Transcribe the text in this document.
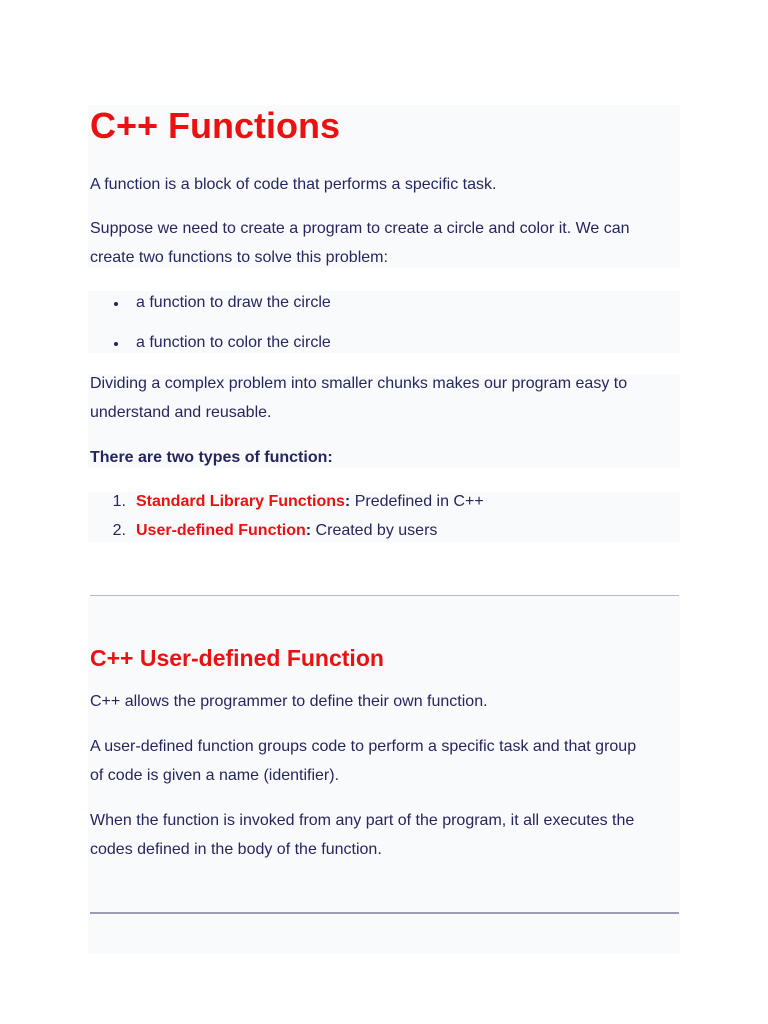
C++ Functions

A function is a block of code that performs a specific task.

Suppose we need to create a program to create a circle and color it. We can

create two functions to solve this problem:

a function to draw the circle

a function to color the circle

Dividing a complex problem into smaller chunks makes our program easy to

understand and reusable.

There are two types of function:

1. Standard Library Functions: Predefined in C++

2. User-defined Function: Created by users

C++ User-defined Function

C++ allows the programmer to define their own function.

A user-defined function groups code to perform a specific task and that group

of code is given a name (identifier).

When the function is invoked from any part of the program, it all executes the

codes defined in the body of the function.
